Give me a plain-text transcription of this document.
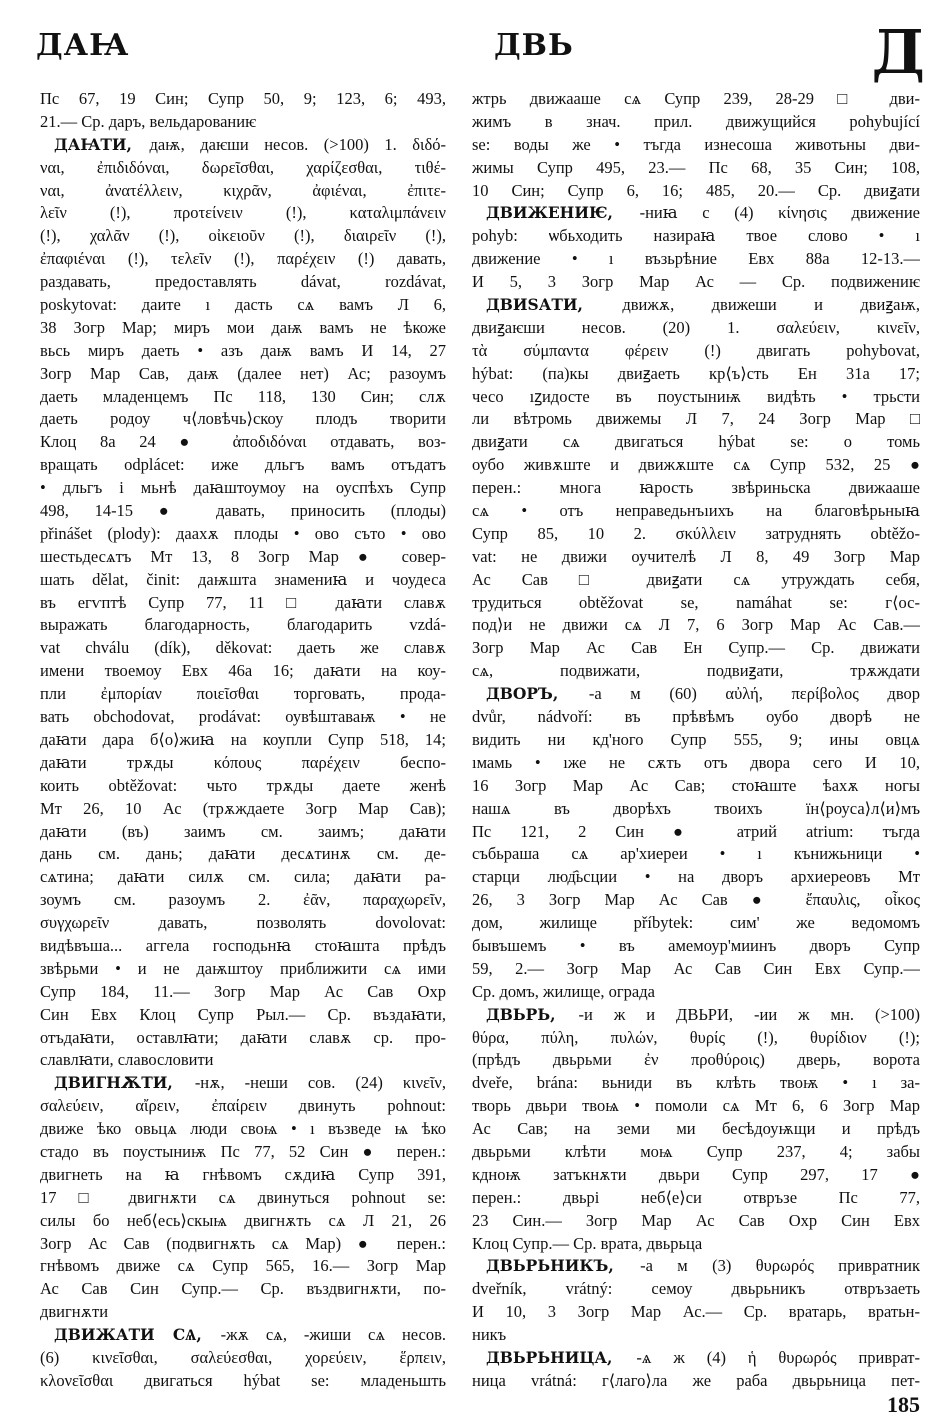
ДАꙖ	ДВЬ	Д
Пс 67, 19 Син; Супр 50, 9; 123, 6; 493,
21.— Ср. даръ, вельдарованиѥ
ДАꙖТИ, даѭ, даѥши несов. (>100) 1. διδό-
ναι, ἐπιδιδόναι, δωρεῖσθαι, χαρίζεσθαι, τιθέ-
ναι, ἀνατέλλειν, κιχρᾶν, ἀφιέναι, ἐπιτε-
λεῖν (!), προτείνειν (!), καταλιμπάνειν
(!), χαλᾶν (!), οἰκειοῦν (!), διαιρεῖν (!),
ἐπαφιέναι (!), τελεῖν (!), παρέχειν (!) давать,
раздавать, предоставлять dávat, rozdávat,
poskytovat: даите ı дасть сѧ вамъ Л 6,
38 Зогр Мар; миръ мои даѭ вамъ не ѣкоже
вьсь миръ даеть • азъ даѭ вамъ И 14, 27
Зогр Мар Сав, даѭ (далее нет) Ас; разоумъ
даеть младенцемъ Пс 118, 130 Син; слѫ
даеть родоу ч⟨ловѣчь⟩скоу плодъ творити
Клоц 8а 24 ● ἀποδιδόναι отдавать, воз-
вращать odplácet: иже дльгъ вамъ отъдатъ
• дльгъ і мьнѣ даꙗштоумоу на оуспѣхъ Супр
498, 14-15 ● давать, приносить (плоды)
přinášet (plody): даахѫ плоды • ово съто • ово
шестьдесѧтъ Мт 13, 8 Зогр Мар ● совер-
шать dělat, činit: даѭшта знамениꙗ и чоудеса
въ егѵптѣ Супр 77, 11 □ даꙗти славѫ
выражать благодарность, благодарить vzdá-
vat chválu (dík), děkovat: даеть же славѫ
имени твоемоу Евх 46а 16; даꙗти на коу-
пли ἐμπορίαν ποιεῖσθαι торговать, прода-
вать obchodovat, prodávat: оувѣштаваѭ • не
даꙗти дара б⟨о⟩жиꙗ на коупли Супр 518, 14;
даꙗти трѫды κόπους παρέχειν беспо-
коить obtěžovat: чьто трѫды даете женѣ
Мт 26, 10 Ас (трѫждаете Зогр Мар Сав);
даꙗти (въ) заимъ см. заимъ; даꙗти
дань см. дань; даꙗти десѧтинѫ см. де-
сѧтина; даꙗти силѫ см. сила; даꙗти ра-
зоумъ см. разоумъ 2. ἐᾶν, παραχωρεῖν,
συγχωρεῖν давать, позволять dovolovat:
видѣвъша... аггела господьнꙗ стоꙗшта прѣдъ
звѣрьми • и не даѭштоу приближити сѧ ими
Супр 184, 11.— Зогр Мар Ас Сав Охр
Син Евх Клоц Супр Рыл.— Ср. въздаꙗти,
отъдаꙗти, оставлꙗти; даꙗти славѫ ср. про-
славлꙗти, славословити
ДВИГНѪТИ, -нѫ, -неши сов. (24) κινεῖν,
σαλεύειν, αἴρειν, ἐπαίρειν двинуть pohnout:
движе ѣко овьцѧ люди своѩ • ı възведе ѩ ѣко
стадо въ поустыниѭ Пс 77, 52 Син ● перен.:
двигнеть на ꙗ гнѣвомъ сѫдиꙗ Супр 391,
17 □ двигнѫти сѧ двинуться pohnout se:
силы бо неб⟨есь⟩скыѩ двигнѫть сѧ Л 21, 26
Зогр Ас Сав (подвигнѫть сѧ Мар) ● перен.:
гнѣвомъ движе сѧ Супр 565, 16.— Зогр Мар
Ас Сав Син Супр.— Ср. въздвигнѫти, по-
двигнѫти
ДВИЖАТИ СѦ, -жѫ сѧ, -жиши сѧ несов.
(6) κινεῖσθαι, σαλεύεσθαι, χορεύειν, ἕρπειν,
κλονεῖσθαι двигаться hýbat se: младеньшть
жтрь движааше сѧ Супр 239, 28-29 □ дви-
жимъ в знач. прил. движущийся pohybující
se: воды же • тъгда изнесоша животьны дви-
жимы Супр 495, 23.— Пс 68, 35 Син; 108,
10 Син; Супр 6, 16; 485, 20.— Ср. двиꙃати
ДВИЖЕНИѤ, -ниꙗ с (4) κίνησις движение
pohyb: ѡбьходить назираꙗ твое слово • ı
движение • ı възьрѣние Евх 88а 12-13.—
И 5, 3 Зогр Мар Ас — Ср. подвижениѥ
ДВИЅАТИ, движѫ, движеши и двиꙃаѭ,
двиꙃаѥши несов. (20) 1. σαλεύειν, κινεῖν,
τὰ σύμπαντα φέρειν (!) двигать pohybovat,
hýbat: (па)кы двиꙃаеть кр⟨ъ⟩сть Ен 31а 17;
чесо ıꙁидосте въ поустыниѭ видѣть • трьсти
ли вѣтромь движемы Л 7, 24 Зогр Мар □
двиꙃати сѧ двигаться hýbat se: о томь
оубо живѫште и движѫште сѧ Супр 532, 25 ●
перен.: многа ꙗрость звѣриньска движааше
сѧ • отъ неправедьнъıихъ на благовѣрьныꙗ
Супр 85, 10 2. σκύλλειν затруднять obtěžo-
vat: не движи оучителѣ Л 8, 49 Зогр Мар
Ас Сав □ двиꙃати сѧ утруждать себя,
трудиться obtěžovat se, namáhat se: г⟨ос-
под⟩и не движи сѧ Л 7, 6 Зогр Мар Ас Сав.—
Зогр Мар Ас Сав Ен Супр.— Ср. движати
сѧ, подвижати, подвиꙃати, трѫждати
ДВОРЪ, -а м (60) αὐλή, περίβολος двор
dvůr, nádvoří: въ прѣвѣмъ оубо дворѣ не
видить ни кд'ного Супр 555, 9; ины овцѧ
ıмамь • ıже не сѫть отъ двора сего И 10,
16 Зогр Мар Ас Сав; стоꙗште ѣахѫ ногы
нашѧ въ дворѣхъ твоихъ їн⟨роуса⟩л⟨и⟩мъ
Пс 121, 2 Син ● атрий atrium: тъгда
събьраша сѧ ар'хиереи • ı кънижьници •
старци люд҄ьсции • на дворъ архиереовъ Мт
26, 3 Зогр Мар Ас Сав ● ἔπαυλις, οἶκος
дом, жилище příbytek: сим' же ведомомъ
бывъшемъ • въ амемоур'миинъ дворъ Супр
59, 2.— Зогр Мар Ас Сав Син Евх Супр.—
Ср. домъ, жилище, ограда
ДВЬРЬ, -и ж и ДВЬРИ, -ии ж мн. (>100)
θύρα, πύλη, πυλών, θυρίς (!), θυρίδιον (!);
(прѣдъ двьрьми ἐν προθύροις) дверь, ворота
dveře, brána: вьниди въ клѣть твоѭ • ı за-
творь двьри твоѩ • помоли сѧ Мт 6, 6 Зогр Мар
Ас Сав; на земи ми бесѣдоуѭщи и прѣдъ
двьрьми клѣти моѩ Супр 237, 4; забы
кдноѭ затъкнѫти двьри Супр 297, 17 ●
перен.: двьрі неб⟨е⟩си отвръзе Пс 77,
23 Син.— Зогр Мар Ас Сав Охр Син Евх
Клоц Супр.— Ср. врата, двьрьца
ДВЬРЬНИКЪ, -а м (3) θυρωρός привратник
dveřník, vrátný: семоу двьрьникъ отвръзаеть
И 10, 3 Зогр Мар Ас.— Ср. вратарь, вратьн-
никъ
ДВЬРЬНИЦА, -ѧ ж (4) ἡ θυρωρός приврат-
ница vrátná: г⟨лаго⟩ла же раба двьрьница пет-
185
